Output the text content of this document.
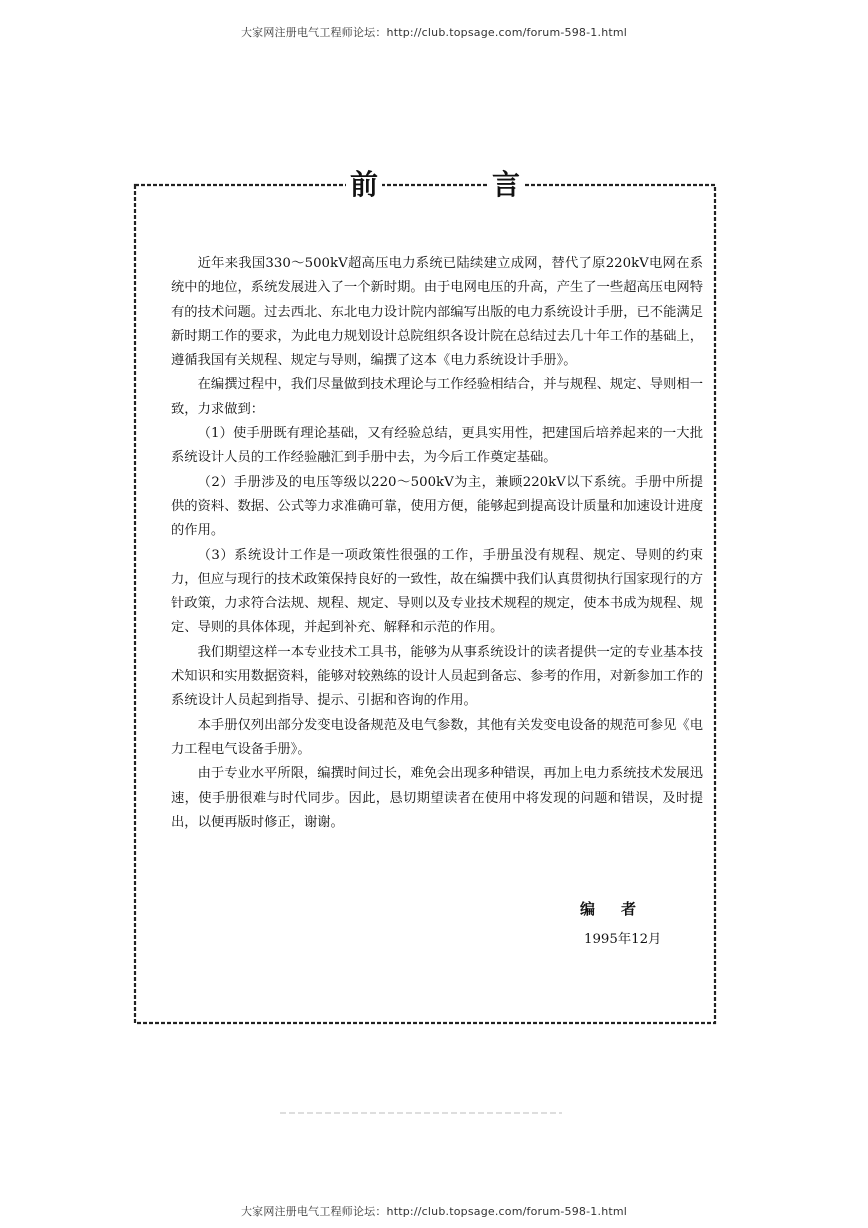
大家网注册电气工程师论坛：http://club.topsage.com/forum-598-1.html
前	言

近年来我国330～500kV超高压电力系统已陆续建立成网，替代了原220kV电网在系统中的地位，系统发展进入了一个新时期。由于电网电压的升高，产生了一些超高压电网特有的技术问题。过去西北、东北电力设计院内部编写出版的电力系统设计手册，已不能满足新时期工作的要求，为此电力规划设计总院组织各设计院在总结过去几十年工作的基础上，遵循我国有关规程、规定与导则，编撰了这本《电力系统设计手册》。

在编撰过程中，我们尽量做到技术理论与工作经验相结合，并与规程、规定、导则相一致，力求做到：

（1）使手册既有理论基础，又有经验总结，更具实用性，把建国后培养起来的一大批系统设计人员的工作经验融汇到手册中去，为今后工作奠定基础。

（2）手册涉及的电压等级以220～500kV为主，兼顾220kV以下系统。手册中所提供的资料、数据、公式等力求准确可靠，使用方便，能够起到提高设计质量和加速设计进度的作用。

（3）系统设计工作是一项政策性很强的工作，手册虽没有规程、规定、导则的约束力，但应与现行的技术政策保持良好的一致性，故在编撰中我们认真贯彻执行国家现行的方针政策，力求符合法规、规程、规定、导则以及专业技术规程的规定，使本书成为规程、规定、导则的具体体现，并起到补充、解释和示范的作用。

我们期望这样一本专业技术工具书，能够为从事系统设计的读者提供一定的专业基本技术知识和实用数据资料，能够对较熟练的设计人员起到备忘、参考的作用，对新参加工作的系统设计人员起到指导、提示、引据和咨询的作用。

本手册仅列出部分发变电设备规范及电气参数，其他有关发变电设备的规范可参见《电力工程电气设备手册》。

由于专业水平所限，编撰时间过长，难免会出现多种错误，再加上电力系统技术发展迅速，使手册很难与时代同步。因此，恳切期望读者在使用中将发现的问题和错误，及时提出，以便再版时修正，谢谢。

编者
1995年12月
大家网注册电气工程师论坛：http://club.topsage.com/forum-598-1.html
